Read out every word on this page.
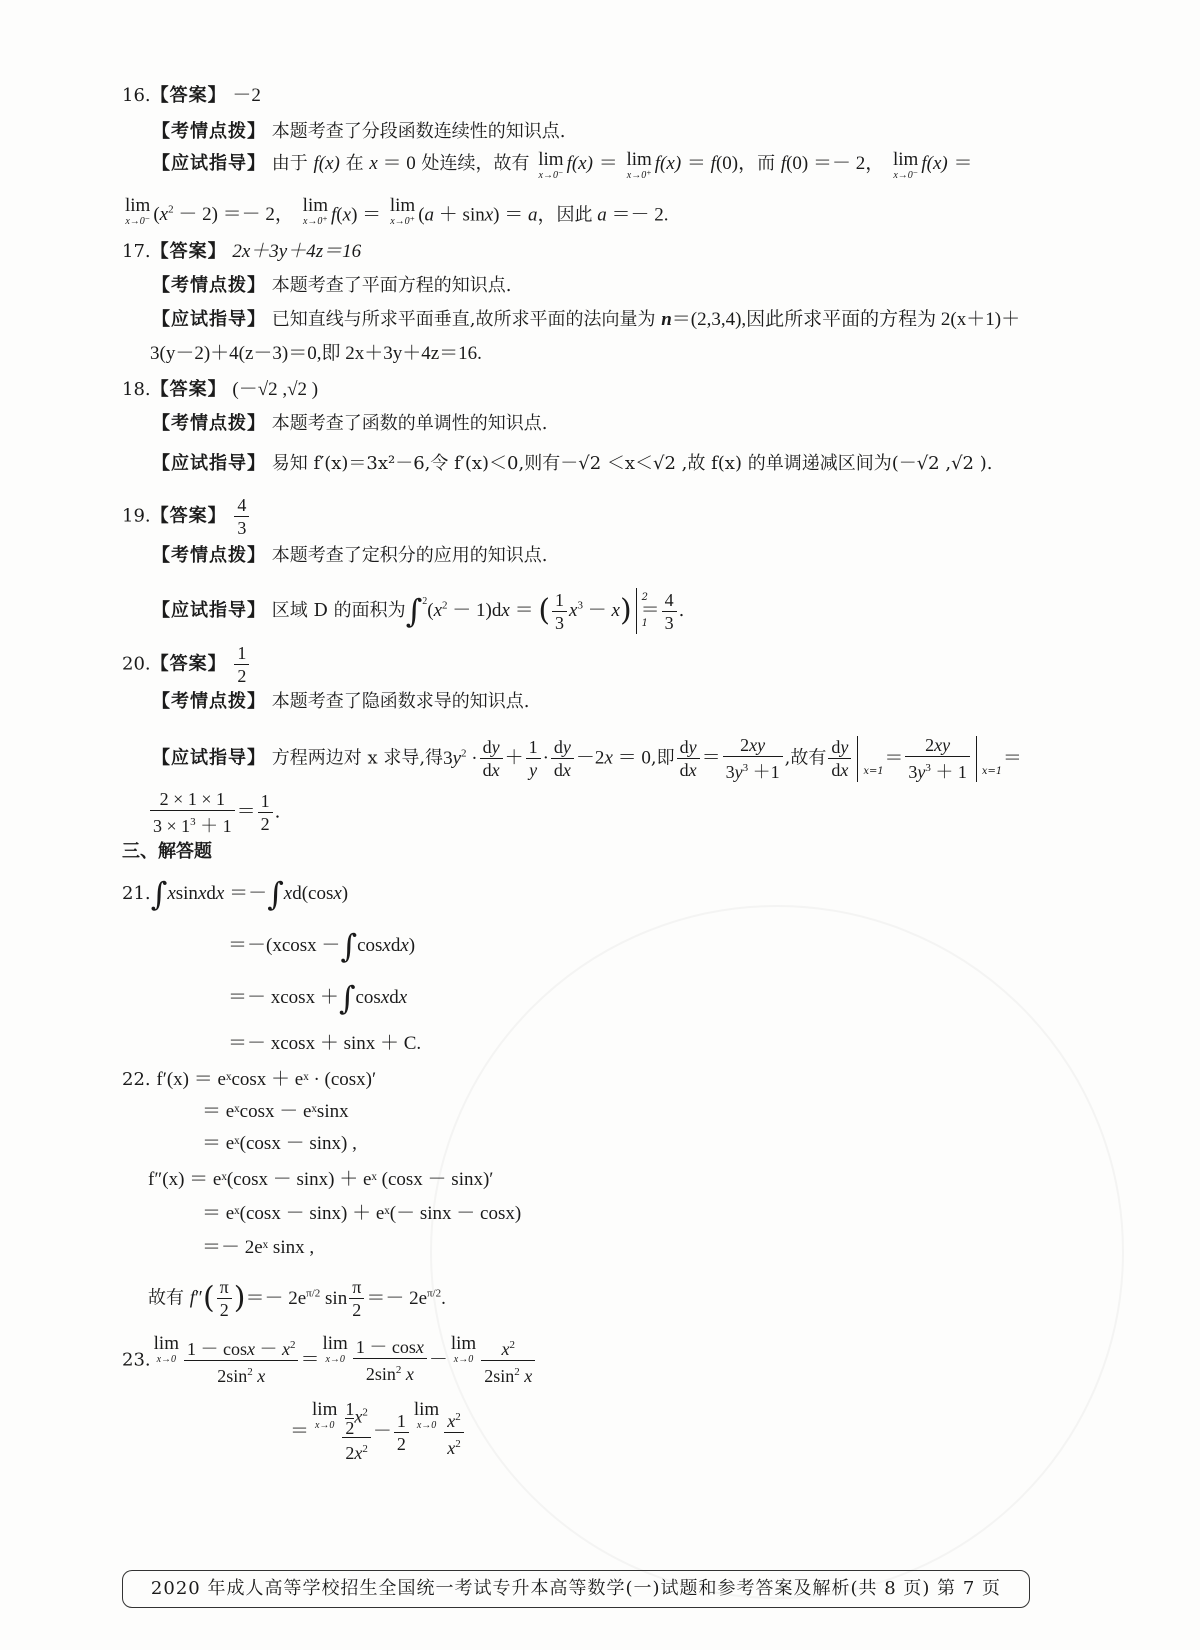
16.【答案】 －2
【考情点拨】 本题考查了分段函数连续性的知识点.
【应试指导】 由于 f(x) 在 x ＝ 0 处连续，故有 lim
x→0⁻
f(x) ＝ lim
x→0⁺
f(x) ＝ f(0)，而 f(0) ＝－ 2， lim
x→0⁻
f(x) ＝
lim
x→0⁻ $(x^2 - 2) =- 2$， lim
x→0⁺ f(x) ＝ lim
x→0⁺ (a ＋ sinx) ＝ a，因此 a ＝－ 2.
17.【答案】 2x＋3y＋4z＝16
【考情点拨】 本题考查了平面方程的知识点.
【应试指导】 已知直线与所求平面垂直,故所求平面的法向量为 n＝(2,3,4),因此所求平面的方程为 2(x＋1)＋
3(y－2)＋4(z－3)＝0,即 2x＋3y＋4z＝16.
18.【答案】 (－√2 ,√2 )
【考情点拨】 本题考查了函数的单调性的知识点.
【应试指导】 易知 f′(x)＝3x²－6,令 f′(x)＜0,则有－√2 ＜x＜√2 ,故 f(x) 的单调递减区间为(－√2 ,√2 ).
19.【答案】 $\frac{4}{3}$
【考情点拨】 本题考查了定积分的应用的知识点.
【应试指导】 区域 D 的面积为$\int^2(x^2 - 1)dx$ ＝ ( $\frac{1}{3} x^3 - x$) 2
1
＝ $\frac{4}{3}$ .
20.【答案】 $\frac{1}{2}$
【考情点拨】 本题考查了隐函数求导的知识点.
【应试指导】 方程两边对 x 求导,得$3y^2 \cdot \frac{dy}{dx} + \frac{1}{y} \cdot \frac{dy}{dx} -2x = 0$,即 $\frac{dy}{dx} = \frac{2xy}{3y^3 +1}$ ,故有 $\frac{dy}{dx} x=1$
＝ $\frac{2xy}{3y^3 + 1} x=1$
＝
$\frac{2 \times 1 \times 1}{3 \times 1^3 + 1} = \frac{1}{2}$ .
三、解答题
21.∫xsinxdx ＝－∫xd(cosx)
＝－(xcosx －∫cosxdx)
＝－ xcosx ＋∫cosxdx
＝－ xcosx ＋ sinx ＋ C.
22. f′(x) ＝ eˣcosx ＋ eˣ · (cosx)′
＝ eˣcosx － eˣsinx
＝ eˣ(cosx － sinx) ,
f″(x) ＝ eˣ(cosx － sinx) ＋ eˣ (cosx － sinx)′
＝ eˣ(cosx － sinx) ＋ eˣ(－ sinx － cosx)
＝－ 2eˣ sinx ,
故有 $f''( \frac{\pi}{2}$ )＝－ $2e^{\pi/2}$ $\sin \frac{\pi}{2} =- 2e^{\pi/2}$.
23.lim
$x\to 0 \frac{1 - \cos x - x^2}{2\sin^2 x} =\lim$
$x\to 0 \frac{1 - \cos x}{2\sin^2 x} -\lim$
$x\to 0 \frac{x^2}{2\sin^2 x}$
＝lim
$x\to 0 \frac{\frac{1}{2} x^2}{2x^2} - \frac{1}{2}$ lim
$x\to 0 \frac{x^2}{x^2}$
2020 年成人高等学校招生全国统一考试专升本高等数学(一)试题和参考答案及解析(共 8 页) 第 7 页
